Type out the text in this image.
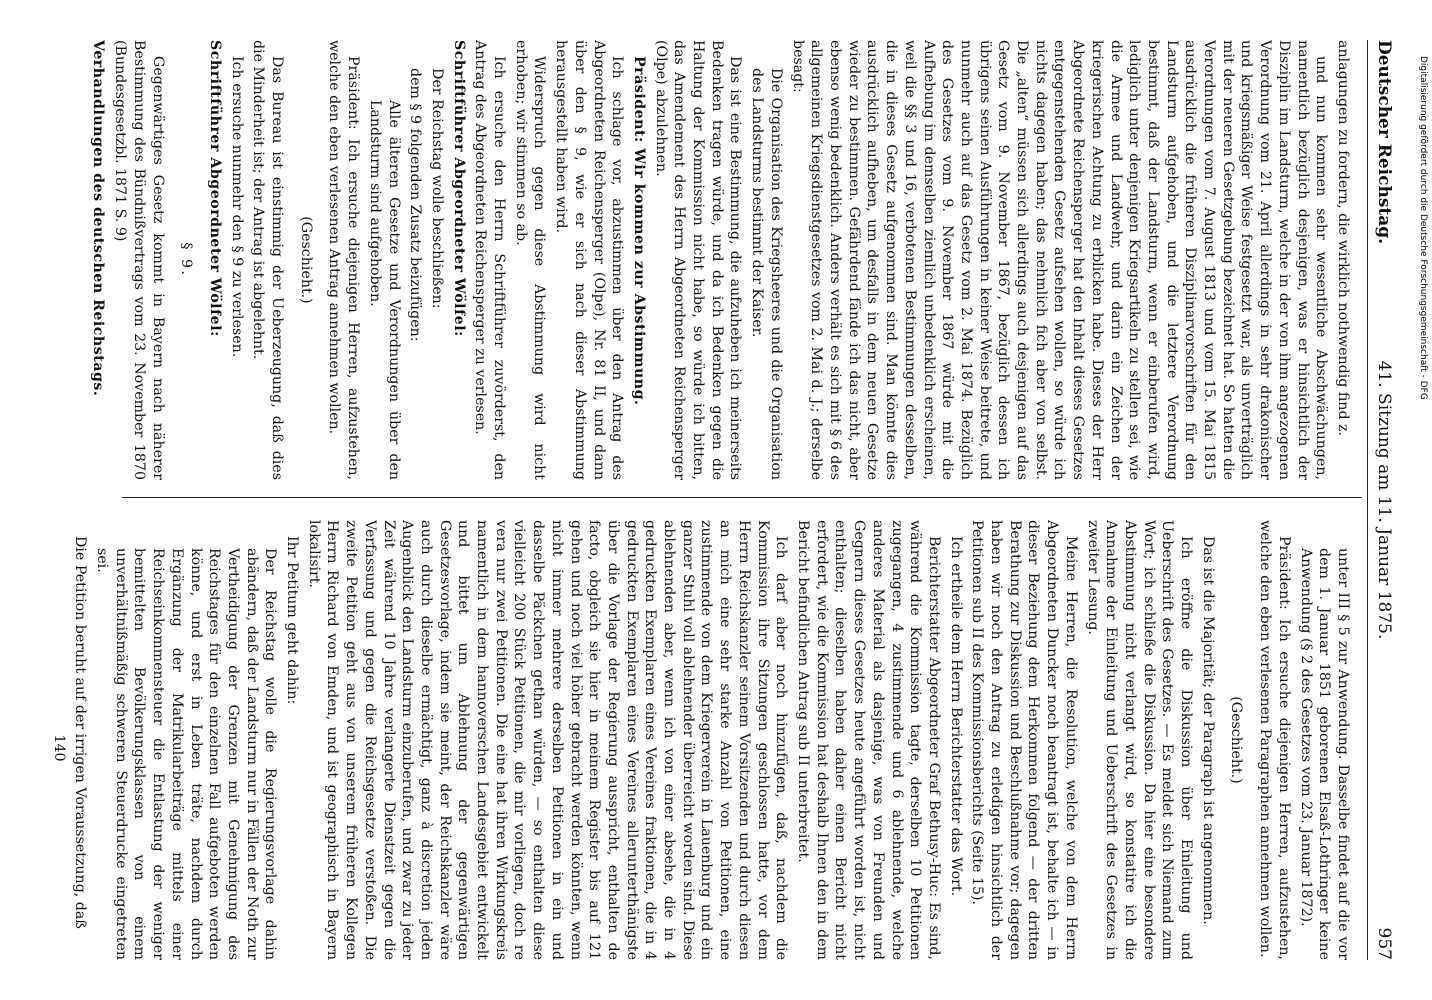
Deutscher Reichstag.
41. Sitzung am 11. Januar 1875.
957

anlagungen zu fordern, die wirklich nothwendig find z.

und nun kommen sehr wesentliche Abschwächungen, namentlich bezüglich desjenigen, was er hinsichtlich der Disziplin im Landsturm, welche in der von ihm angezogenen Verordnung vom 21. April allerdings in sehr drakonischer und kriegsmäßiger Weise festgesetzt war, als unverträglich mit der neueren Gesetzgebung bezeichnet hat. So hatten die Verordnungen vom 7. August 1813 und vom 15. Mai 1815 ausdrücklich die früheren Disziplinarvorschriften für den Landsturm aufgehoben, und die letztere Verordnung bestimmt, daß der Landsturm, wenn er einberufen wird, lediglich unter denjenigen Kriegsartikeln zu stellen sei, wie die Armee und Landwehr, und darin ein Zeichen der kriegerischen Achtung zu erblicken habe. Dieses der Herr Abgeordnete Reichensperger hat den Inhalt dieses Gesetzes entgegenstehenden Gesetz aufsehen wollen, so würde ich nichts dagegen haben; das nehmlich fich aber von selbst. Die „alten“ müssen sich allerdings auch desjenigen auf das Gesetz vom 9. November 1867, bezüglich dessen ich übrigens seinen Ausführungen in keiner Weise beitrete, und nunmehr auch auf das Gesetz vom 2. Mai 1874. Bezüglich des Gesetzes vom 9. November 1867 würde mit die Aufhebung im demselben ziemlich unbedenklich erscheinen, weil die §§ 3 und 16, verbotenen Bestimmungen desselben, die in dieses Gesetz aufgenommen sind. Man könnte dies ausdrücklich aufheben, um desfalls in dem neuen Gesetze wieder zu bestimmen. Gefährdend fände ich das nicht, aber ebenso wenig bedenklich. Anders verhält es sich mit § 6 des allgemeinen Kriegsdienstgesetzes vom 2. Mai d. J.; derselbe besagt:

Die Organisation des Kriegsheeres und die Organisation des Landsturms bestimmt der Kaiser.

Das ist eine Bestimmung, die aufzuheben ich meinerseits Bedenken tragen würde, und da ich Bedenken gegen die Haltung der Kommission nicht habe, so würde ich bitten, das Amendement des Herrn Abgeordneten Reichensperger (Olpe) abzulehnen.

Präsident: Wir kommen zur Abstimmung.

Ich schlage vor, abzustimmen über den Antrag des Abgeordneten Reichensperger (Olpe), Nr. 81 II, und dann über den § 9, wie er sich nach dieser Abstimmung herausgestellt haben wird.

Widerspruch gegen diese Abstimmung wird nicht erhoben; wir stimmen so ab.

Ich ersuche den Herrn Schriftführer zuvörderst, den Antrag des Abgeordneten Reichensperger zu verlesen.

Schriftführer Abgeordneter Wölfel:

Der Reichstag wolle beschließen:

dem § 9 folgenden Zusatz beizufügen:

Alle älteren Gesetze und Verordnungen über den Landsturm sind aufgehoben.

Präsident: Ich ersuche diejenigen Herren, aufzustehen, welche den eben verlesenen Antrag annehmen wollen.

(Geschieht.)

Das Bureau ist einstimmig der Ueberzeugung, daß dies die Minderheit ist; der Antrag ist abgelehnt.

Ich ersuche nunmehr den § 9 zu verlesen.

Schriftführer Abgeordneter Wölfel:

§ 9.

Gegenwärtiges Gesetz kommt in Bayern nach näherer Bestimmung des Bündnißvertrags vom 23. November 1870 (Bundesgesetzbl. 1871 S. 9)

Verhandlungen des deutschen Reichstags.

unter III § 5 zur Anwendung. Dasselbe findet auf die vor dem 1. Januar 1851 geborenen Elsaß-Lothringer keine Anwendung (§ 2 des Gesetzes vom 23. Januar 1872).

Präsident: Ich ersuche diejenigen Herren, aufzustehen, welche den eben verlesenen Paragraphen annehmen wollen.

(Geschieht.)

Das ist die Majorität; der Paragraph ist angenommen.

Ich eröffne die Diskussion über Einleitung und Ueberschrift des Gesetzes. — Es meldet sich Niemand zum Wort; ich schließe die Diskussion. Da hier eine besondere Abstimmung nicht verlangt wird, so konstatire ich die Annahme der Einleitung und Ueberschrift des Gesetzes in zweiter Lesung.

Meine Herren, die Resolution, welche von dem Herrn Abgeordneten Duncker noch beantragt ist, behalte ich — in dieser Beziehung dem Herkommen folgend — der dritten Berathung zur Diskussion und Beschlußnahme vor; dagegen haben wir noch den Antrag zu erledigen hinsichtlich der Petitionen sub II des Kommissionsberichts (Seite 15).

Ich ertheile dem Herrn Berichterstatter das Wort.

Berichterstatter Abgeordneter Graf Bethusy-Huc: Es sind, während die Kommission tagte, derselben 10 Petitionen zugegangen, 4 zustimmende und 6 ablehnende, welche anderes Material als dasjenige, was von Freunden und Gegnern dieses Gesetzes heute angeführt worden ist, nicht enthalten; dieselben haben daher einen Bericht nicht erfordert, wie die Kommission hat deshalb Ihnen den in dem Bericht befindlichen Antrag sub II unterbreitet.

Ich darf aber noch hinzufügen, daß, nachdem die Kommission ihre Sitzungen geschlossen hatte, vor dem Herrn Reichskanzler seinem Vorsitzenden und durch diesen an mich eine sehr starke Anzahl von Petitionen, eine zustimmende von dem Kriegerverein in Lauenburg und ein ganzer Stuhl voll ablehnender überreicht worden sind. Diese ablehnenden aber, wenn ich von einer absehe, die in 4 gedruckten Exemplaren eines Vereines fraktionen, die in 4 gedruckten Exemplaren eines Vereines allerunterthänigste über die Vorlage der Regierung ausspricht, enthalten de facto, obgleich sie hier in meinem Register bis auf 121 gehen und noch viel höher gebracht werden könnten, wenn nicht immer mehrere derselben Petitionen in ein und dasselbe Päckchen gethan würden, — so enthalten diese vielleicht 200 Stück Petitionen, die mir vorliegen, doch re vera nur zwei Petitionen. Die eine hat ihren Wirkungskreis namentlich in dem hannoverschen Landesgebiet entwickelt und bittet um Ablehnung der gegenwärtigen Gesetzesvorlage, indem sie meint, der Reichskanzler wäre auch durch dieselbe ermächtigt, ganz à discretion jeden Augenblick den Landsturm einzuberufen, und zwar zu jeder Zeit während 10 Jahre verlangerte Dienstzeit gegen die Verfassung und gegen die Reichsgesetze verstoßen. Die zweite Petition geht aus von unserem früheren Kollegen Herrn Richard von Emden, und ist geographisch in Bayern lokalisirt.

Ihr Petitum geht dahin:

Der Reichstag wolle die Regierungsvorlage dahin abändern, daß der Landsturm nur in Fällen der Noth zur Vertheidigung der Grenzen mit Genehmigung des Reichstages für den einzelnen Fall aufgeboten werden könne, und erst in Leben träte, nachdem durch Ergänzung der Matrikularbeiträge mittels einer Reichseinkommensteuer die Entlastung der weniger bemittelten Bevölkerungsklassen von einem unverhältnißmäßig schweren Steuerdrucke eingetreten sei.

Die Petition beruht auf der irrigen Voraussetzung, daß

140

Digitalisierung gefördert durch die Deutsche Forschungsgemeinschaft - DFG
